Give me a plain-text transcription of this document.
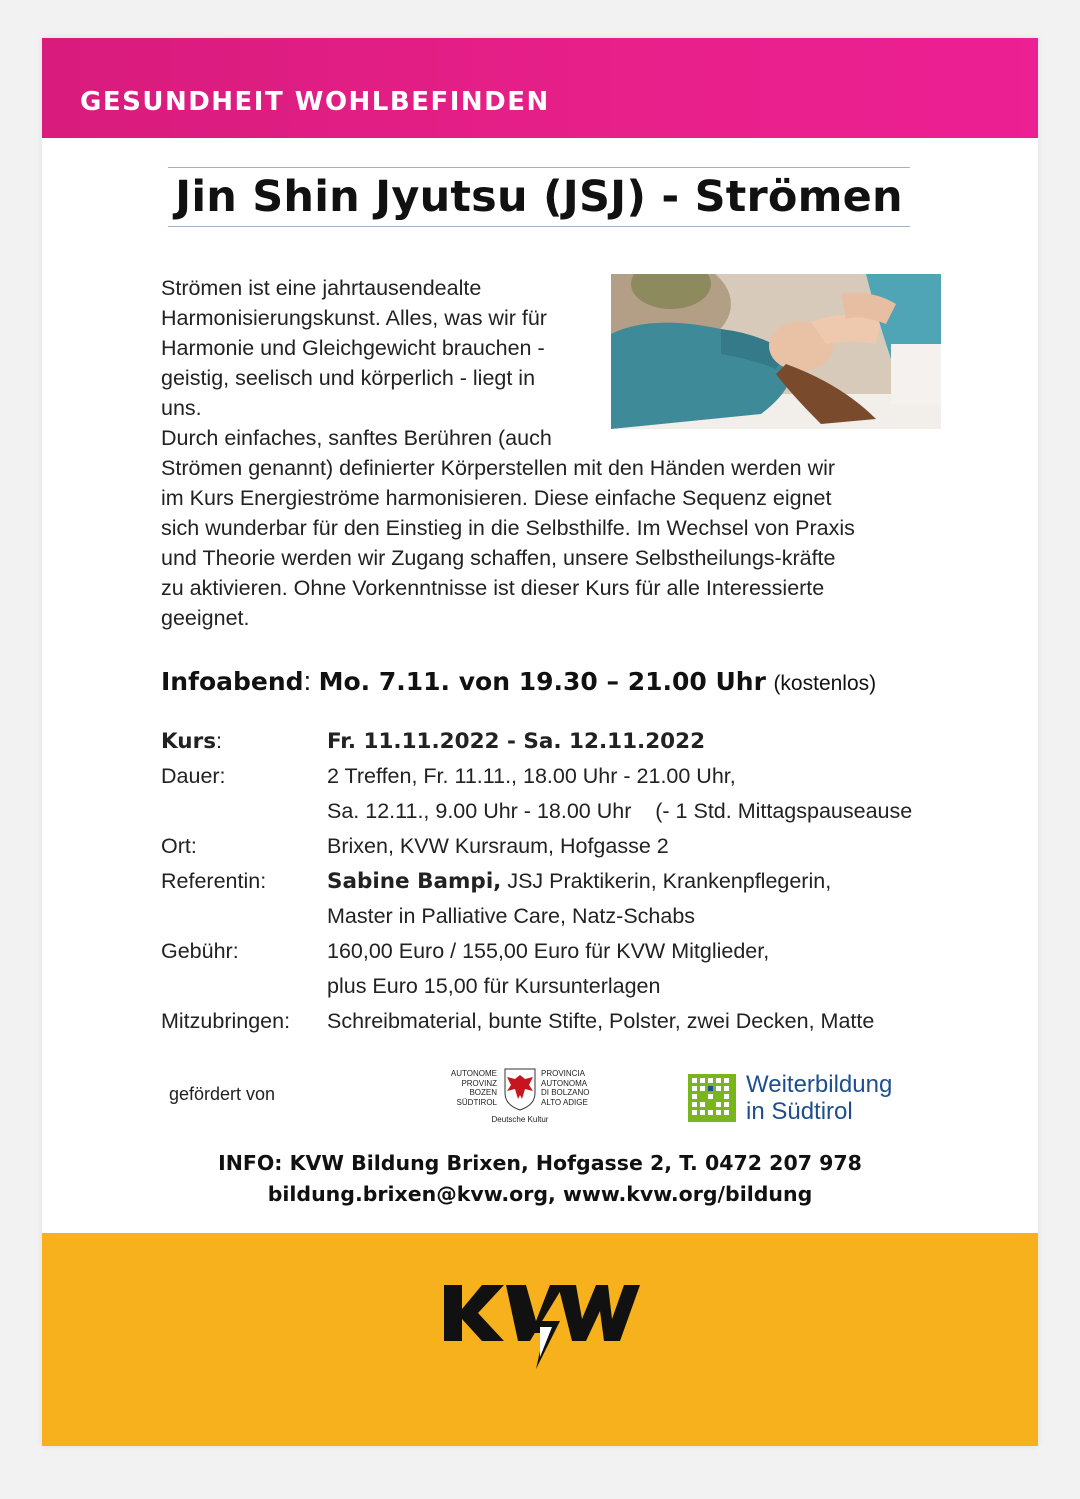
GESUNDHEIT WOHLBEFINDEN
Jin Shin Jyutsu (JSJ) - Strömen

Strömen ist eine jahrtausendealte
Harmonisierungskunst. Alles, was wir für
Harmonie und Gleichgewicht brauchen -
geistig, seelisch und körperlich - liegt in
uns.
Durch einfaches, sanftes Berühren (auch

Strömen genannt) definierter Körperstellen mit den Händen werden wir
im Kurs Energieströme harmonisieren. Diese einfache Sequenz eignet
sich wunderbar für den Einstieg in die Selbsthilfe. Im Wechsel von Praxis
und Theorie werden wir Zugang schaffen, unsere Selbstheilungs-kräfte
zu aktivieren. Ohne Vorkenntnisse ist dieser Kurs für alle Interessierte
geeignet.

Infoabend: Mo. 7.11. von 19.30 – 21.00 Uhr (kostenlos)
Kurs:	Fr. 11.11.2022 - Sa. 12.11.2022
Dauer:	2 Treffen, Fr. 11.11., 18.00 Uhr - 21.00 Uhr,
Sa. 12.11., 9.00 Uhr - 18.00 Uhr    (- 1 Std. Mittagspauseause
Ort:	Brixen, KVW Kursraum, Hofgasse 2
Referentin:	Sabine Bampi, JSJ Praktikerin, Krankenpflegerin,
Master in Palliative Care, Natz-Schabs
Gebühr:	160,00 Euro / 155,00 Euro für KVW Mitglieder,
plus Euro 15,00 für Kursunterlagen
Mitzubringen:	Schreibmaterial, bunte Stifte, Polster, zwei Decken, Matte
gefördert von
AUTONOME
PROVINZ
BOZEN
SÜDTIROL
PROVINCIA
AUTONOMA
DI BOLZANO
ALTO ADIGE
Deutsche Kultur
Weiterbildung
in Südtirol
INFO: KVW Bildung Brixen, Hofgasse 2, T. 0472 207 978
bildung.brixen@kvw.org, www.kvw.org/bildung
